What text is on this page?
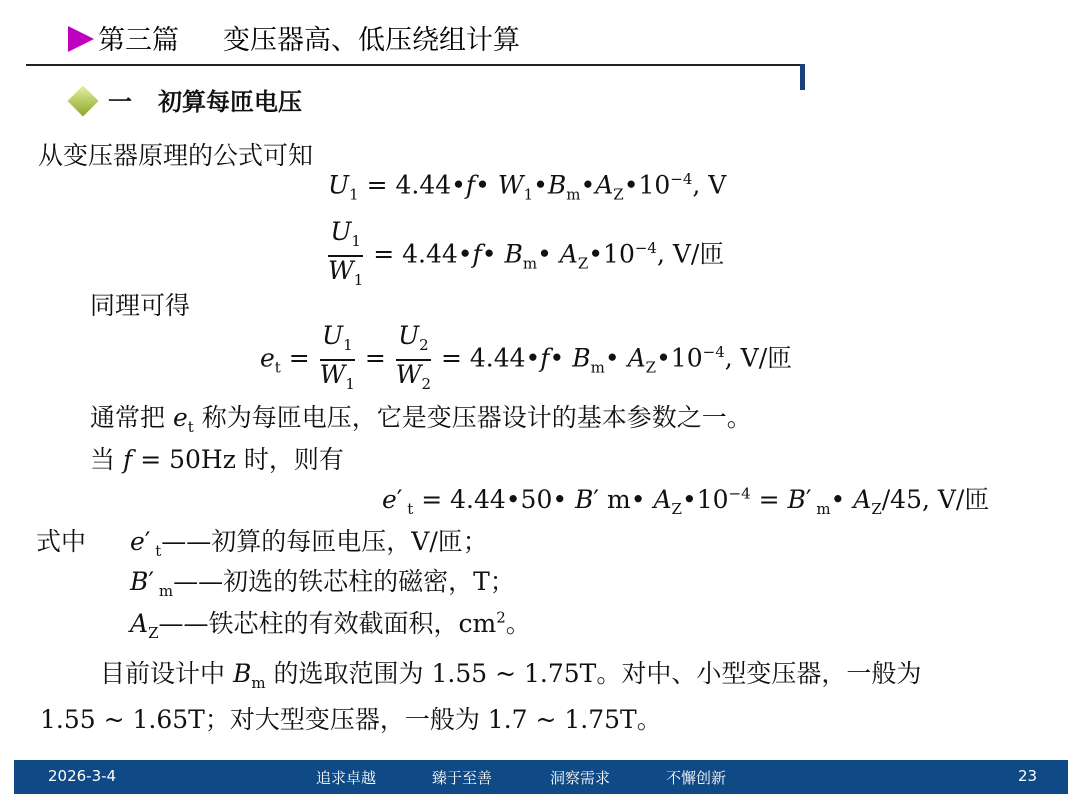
第三篇 变压器高、低压绕组计算
一 初算每匝电压
从变压器原理的公式可知
$U_1$ = 4.44•f• $W_1•B_m•A_Z•10^{-4}$, V
$\frac{U_1}{W_1}$ = 4.44•f• $B_m•$ $A_Z•10^{-4}$, V/匝
同理可得
$e_t = \frac{U_1}{W_1} = \frac{U_2}{W_2}$ = 4.44•f• $B_m•$ $A_Z•10^{-4}$, V/匝
通常把 $e_t$ 称为每匝电压，它是变压器设计的基本参数之一。
当 f = 50Hz 时，则有
e′ $_t$ = 4.44•50• B′ m• $A_Z•10^{-4} = B'$ $_m$• $A_Z/45$, V/匝
式中 e′ $_t$——初算的每匝电压，V/匝；
B′ $_m$——初选的铁芯柱的磁密，T；
$A_Z——$铁芯柱的有效截面积，$cm^2$。
目前设计中 $B_m$ 的选取范围为 1.55 ~ 1.75T。对中、小型变压器，一般为
1.55 ~ 1.65T；对大型变压器，一般为 1.7 ~ 1.75T。
2026-3-4	追求卓越	臻于至善	洞察需求	不懈创新	23
